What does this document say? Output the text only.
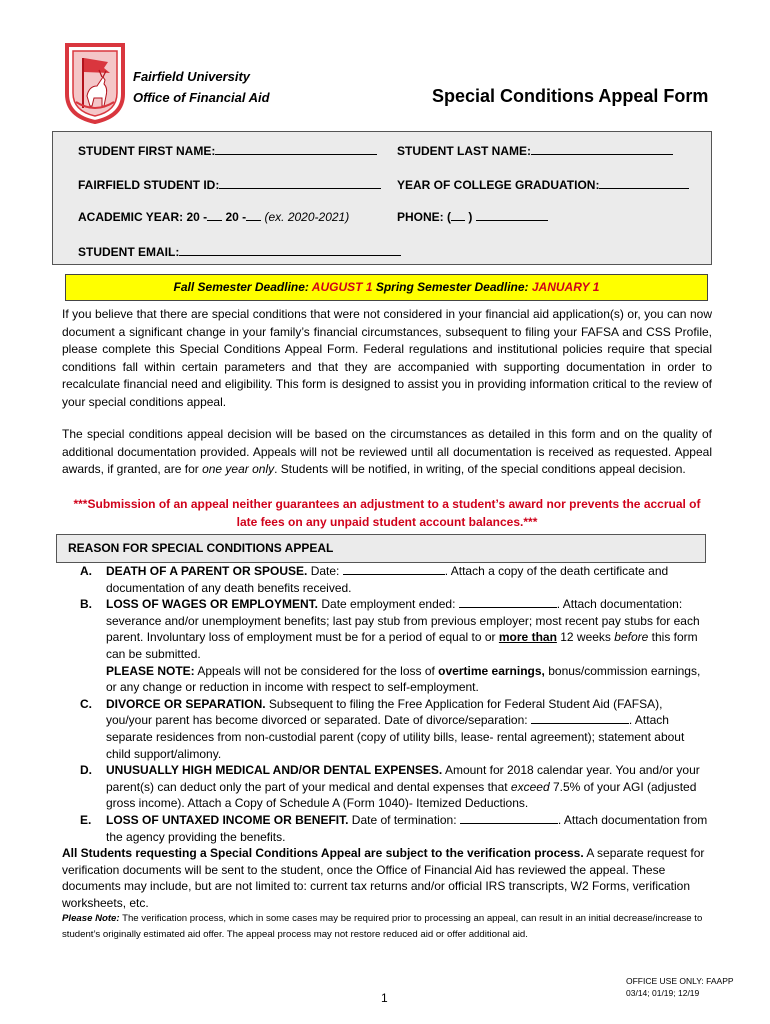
Fairfield University
Office of Financial Aid	Special Conditions Appeal Form
STUDENT FIRST NAME:	STUDENT LAST NAME:
FAIRFIELD STUDENT ID:	YEAR OF COLLEGE GRADUATION:
ACADEMIC YEAR: 20 - 20 - (ex. 2020-2021)	PHONE: ( )
STUDENT EMAIL:
Fall Semester Deadline: AUGUST 1 Spring Semester Deadline: JANUARY 1
If you believe that there are special conditions that were not considered in your financial aid application(s) or, you can now document a significant change in your family’s financial circumstances, subsequent to filing your FAFSA and CSS Profile, please complete this Special Conditions Appeal Form. Federal regulations and institutional policies require that special conditions fall within certain parameters and that they are accompanied with supporting documentation in order to recalculate financial need and eligibility. This form is designed to assist you in providing information critical to the review of your special conditions appeal.
The special conditions appeal decision will be based on the circumstances as detailed in this form and on the quality of additional documentation provided. Appeals will not be reviewed until all documentation is received as requested. Appeal awards, if granted, are for one year only. Students will be notified, in writing, of the special conditions appeal decision.
***Submission of an appeal neither guarantees an adjustment to a student’s award nor prevents the accrual of late fees on any unpaid student account balances.***
REASON FOR SPECIAL CONDITIONS APPEAL
A.	DEATH OF A PARENT OR SPOUSE. Date:	. Attach a copy of the death certificate and documentation of any death benefits received.
B.	LOSS OF WAGES OR EMPLOYMENT. Date employment ended:	. Attach documentation: severance and/or unemployment benefits; last pay stub from previous employer; most recent pay stubs for each parent. Involuntary loss of employment must be for a period of equal to or more than 12 weeks before this form can be submitted.
PLEASE NOTE: Appeals will not be considered for the loss of overtime earnings, bonus/commission earnings, or any change or reduction in income with respect to self-employment.
C.	DIVORCE OR SEPARATION. Subsequent to filing the Free Application for Federal Student Aid (FAFSA), you/your parent has become divorced or separated. Date of divorce/separation:	. Attach separate residences from non-custodial parent (copy of utility bills, lease- rental agreement); statement about child support/alimony.
D.	UNUSUALLY HIGH MEDICAL AND/OR DENTAL EXPENSES. Amount for 2018 calendar year. You and/or your parent(s) can deduct only the part of your medical and dental expenses that exceed 7.5% of your AGI (adjusted gross income). Attach a Copy of Schedule A (Form 1040)- Itemized Deductions.
E.	LOSS OF UNTAXED INCOME OR BENEFIT. Date of termination:	. Attach documentation from the agency providing the benefits.
All Students requesting a Special Conditions Appeal are subject to the verification process. A separate request for verification documents will be sent to the student, once the Office of Financial Aid has reviewed the appeal. These documents may include, but are not limited to: current tax returns and/or official IRS transcripts, W2 Forms, verification worksheets, etc.
Please Note: The verification process, which in some cases may be required prior to processing an appeal, can result in an initial decrease/increase to student’s originally estimated aid offer. The appeal process may not restore reduced aid or offer additional aid.
OFFICE USE ONLY: FAAPP
03/14; 01/19; 12/19
1
